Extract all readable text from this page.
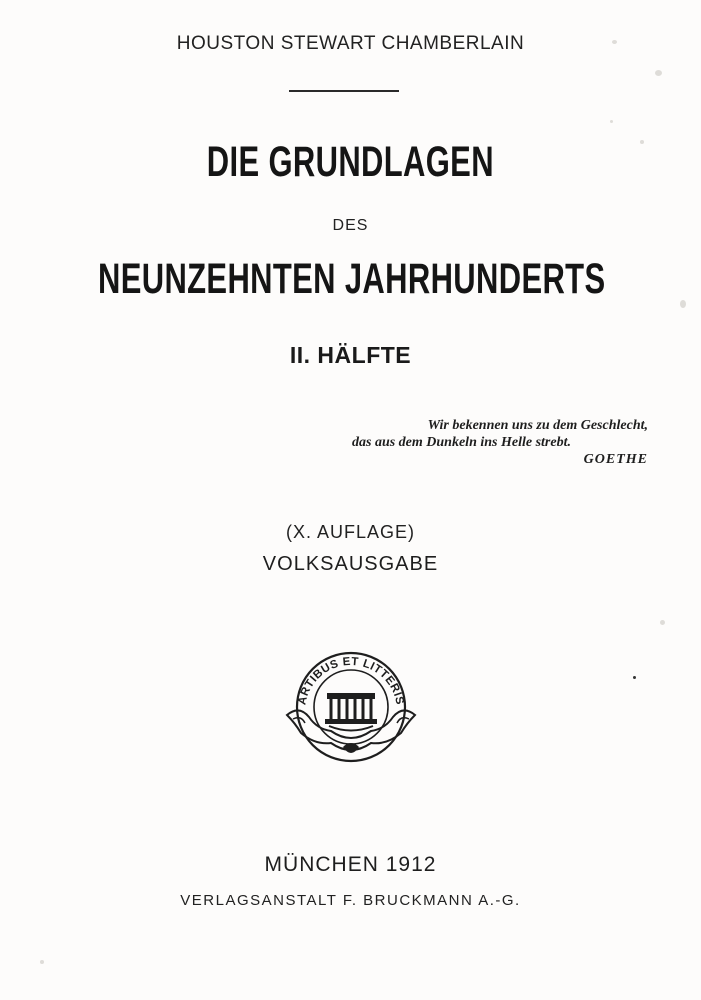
HOUSTON STEWART CHAMBERLAIN
DIE GRUNDLAGEN
DES
NEUNZEHNTEN JAHRHUNDERTS
II. HÄLFTE
Wir bekennen uns zu dem Geschlecht,
das aus dem Dunkeln ins Helle strebt.
GOETHE
(X. AUFLAGE)
VOLKSAUSGABE
ARTIBUS ET LITTERIS
MÜNCHEN 1912
VERLAGSANSTALT F. BRUCKMANN A.-G.
